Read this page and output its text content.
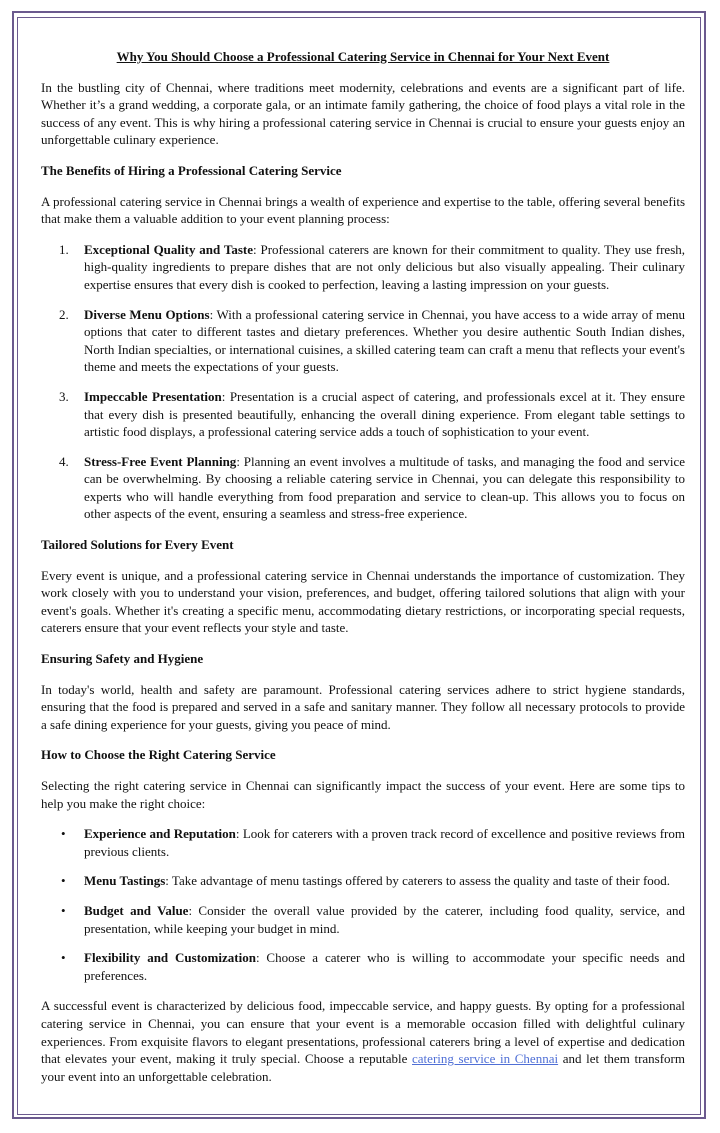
Why You Should Choose a Professional Catering Service in Chennai for Your Next Event

In the bustling city of Chennai, where traditions meet modernity, celebrations and events are a significant part of life. Whether it’s a grand wedding, a corporate gala, or an intimate family gathering, the choice of food plays a vital role in the success of any event. This is why hiring a professional catering service in Chennai is crucial to ensure your guests enjoy an unforgettable culinary experience.

The Benefits of Hiring a Professional Catering Service

A professional catering service in Chennai brings a wealth of experience and expertise to the table, offering several benefits that make them a valuable addition to your event planning process:

1. Exceptional Quality and Taste: Professional caterers are known for their commitment to quality. They use fresh, high-quality ingredients to prepare dishes that are not only delicious but also visually appealing. Their culinary expertise ensures that every dish is cooked to perfection, leaving a lasting impression on your guests.
2. Diverse Menu Options: With a professional catering service in Chennai, you have access to a wide array of menu options that cater to different tastes and dietary preferences. Whether you desire authentic South Indian dishes, North Indian specialties, or international cuisines, a skilled catering team can craft a menu that reflects your event's theme and meets the expectations of your guests.
3. Impeccable Presentation: Presentation is a crucial aspect of catering, and professionals excel at it. They ensure that every dish is presented beautifully, enhancing the overall dining experience. From elegant table settings to artistic food displays, a professional catering service adds a touch of sophistication to your event.
4. Stress-Free Event Planning: Planning an event involves a multitude of tasks, and managing the food and service can be overwhelming. By choosing a reliable catering service in Chennai, you can delegate this responsibility to experts who will handle everything from food preparation and service to clean-up. This allows you to focus on other aspects of the event, ensuring a seamless and stress-free experience.
Tailored Solutions for Every Event

Every event is unique, and a professional catering service in Chennai understands the importance of customization. They work closely with you to understand your vision, preferences, and budget, offering tailored solutions that align with your event's goals. Whether it's creating a specific menu, accommodating dietary restrictions, or incorporating special requests, caterers ensure that your event reflects your style and taste.

Ensuring Safety and Hygiene

In today's world, health and safety are paramount. Professional catering services adhere to strict hygiene standards, ensuring that the food is prepared and served in a safe and sanitary manner. They follow all necessary protocols to provide a safe dining experience for your guests, giving you peace of mind.

How to Choose the Right Catering Service

Selecting the right catering service in Chennai can significantly impact the success of your event. Here are some tips to help you make the right choice:

• Experience and Reputation: Look for caterers with a proven track record of excellence and positive reviews from previous clients.
• Menu Tastings: Take advantage of menu tastings offered by caterers to assess the quality and taste of their food.
• Budget and Value: Consider the overall value provided by the caterer, including food quality, service, and presentation, while keeping your budget in mind.
• Flexibility and Customization: Choose a caterer who is willing to accommodate your specific needs and preferences.

A successful event is characterized by delicious food, impeccable service, and happy guests. By opting for a professional catering service in Chennai, you can ensure that your event is a memorable occasion filled with delightful culinary experiences. From exquisite flavors to elegant presentations, professional caterers bring a level of expertise and dedication that elevates your event, making it truly special. Choose a reputable catering service in Chennai and let them transform your event into an unforgettable celebration.
